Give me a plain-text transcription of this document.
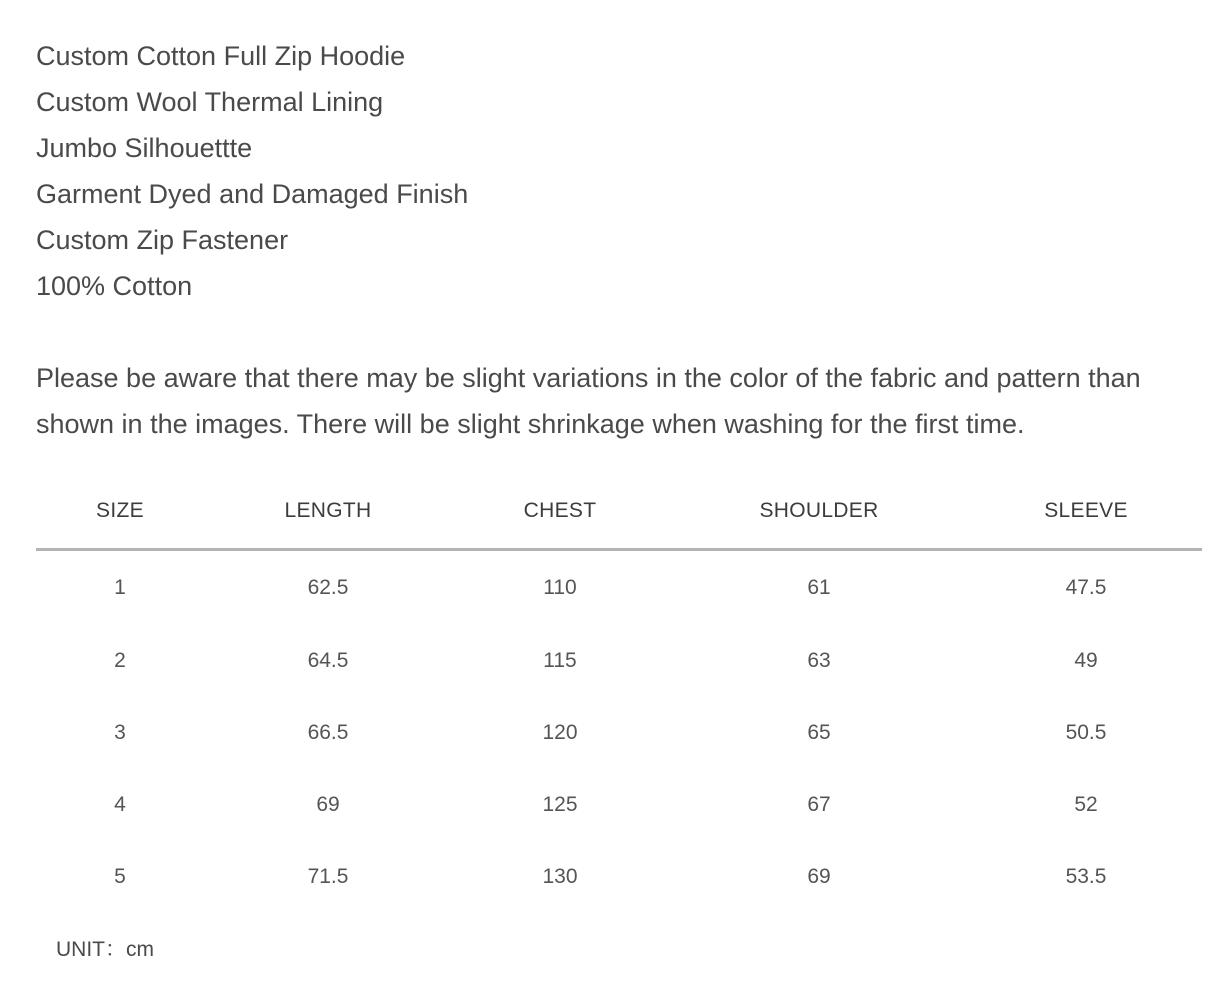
Custom Cotton Full Zip Hoodie
Custom Wool Thermal Lining
Jumbo Silhouettte
Garment Dyed and Damaged Finish
Custom Zip Fastener
100% Cotton

Please be aware that there may be slight variations in the color of the fabric and pattern than
shown in the images. There will be slight shrinkage when washing for the first time.

SIZE	LENGTH	CHEST	SHOULDER	SLEEVE
1	62.5	110	61	47.5
2	64.5	115	63	49
3	66.5	120	65	50.5
4	69	125	67	52
5	71.5	130	69	53.5
UNIT：cm
